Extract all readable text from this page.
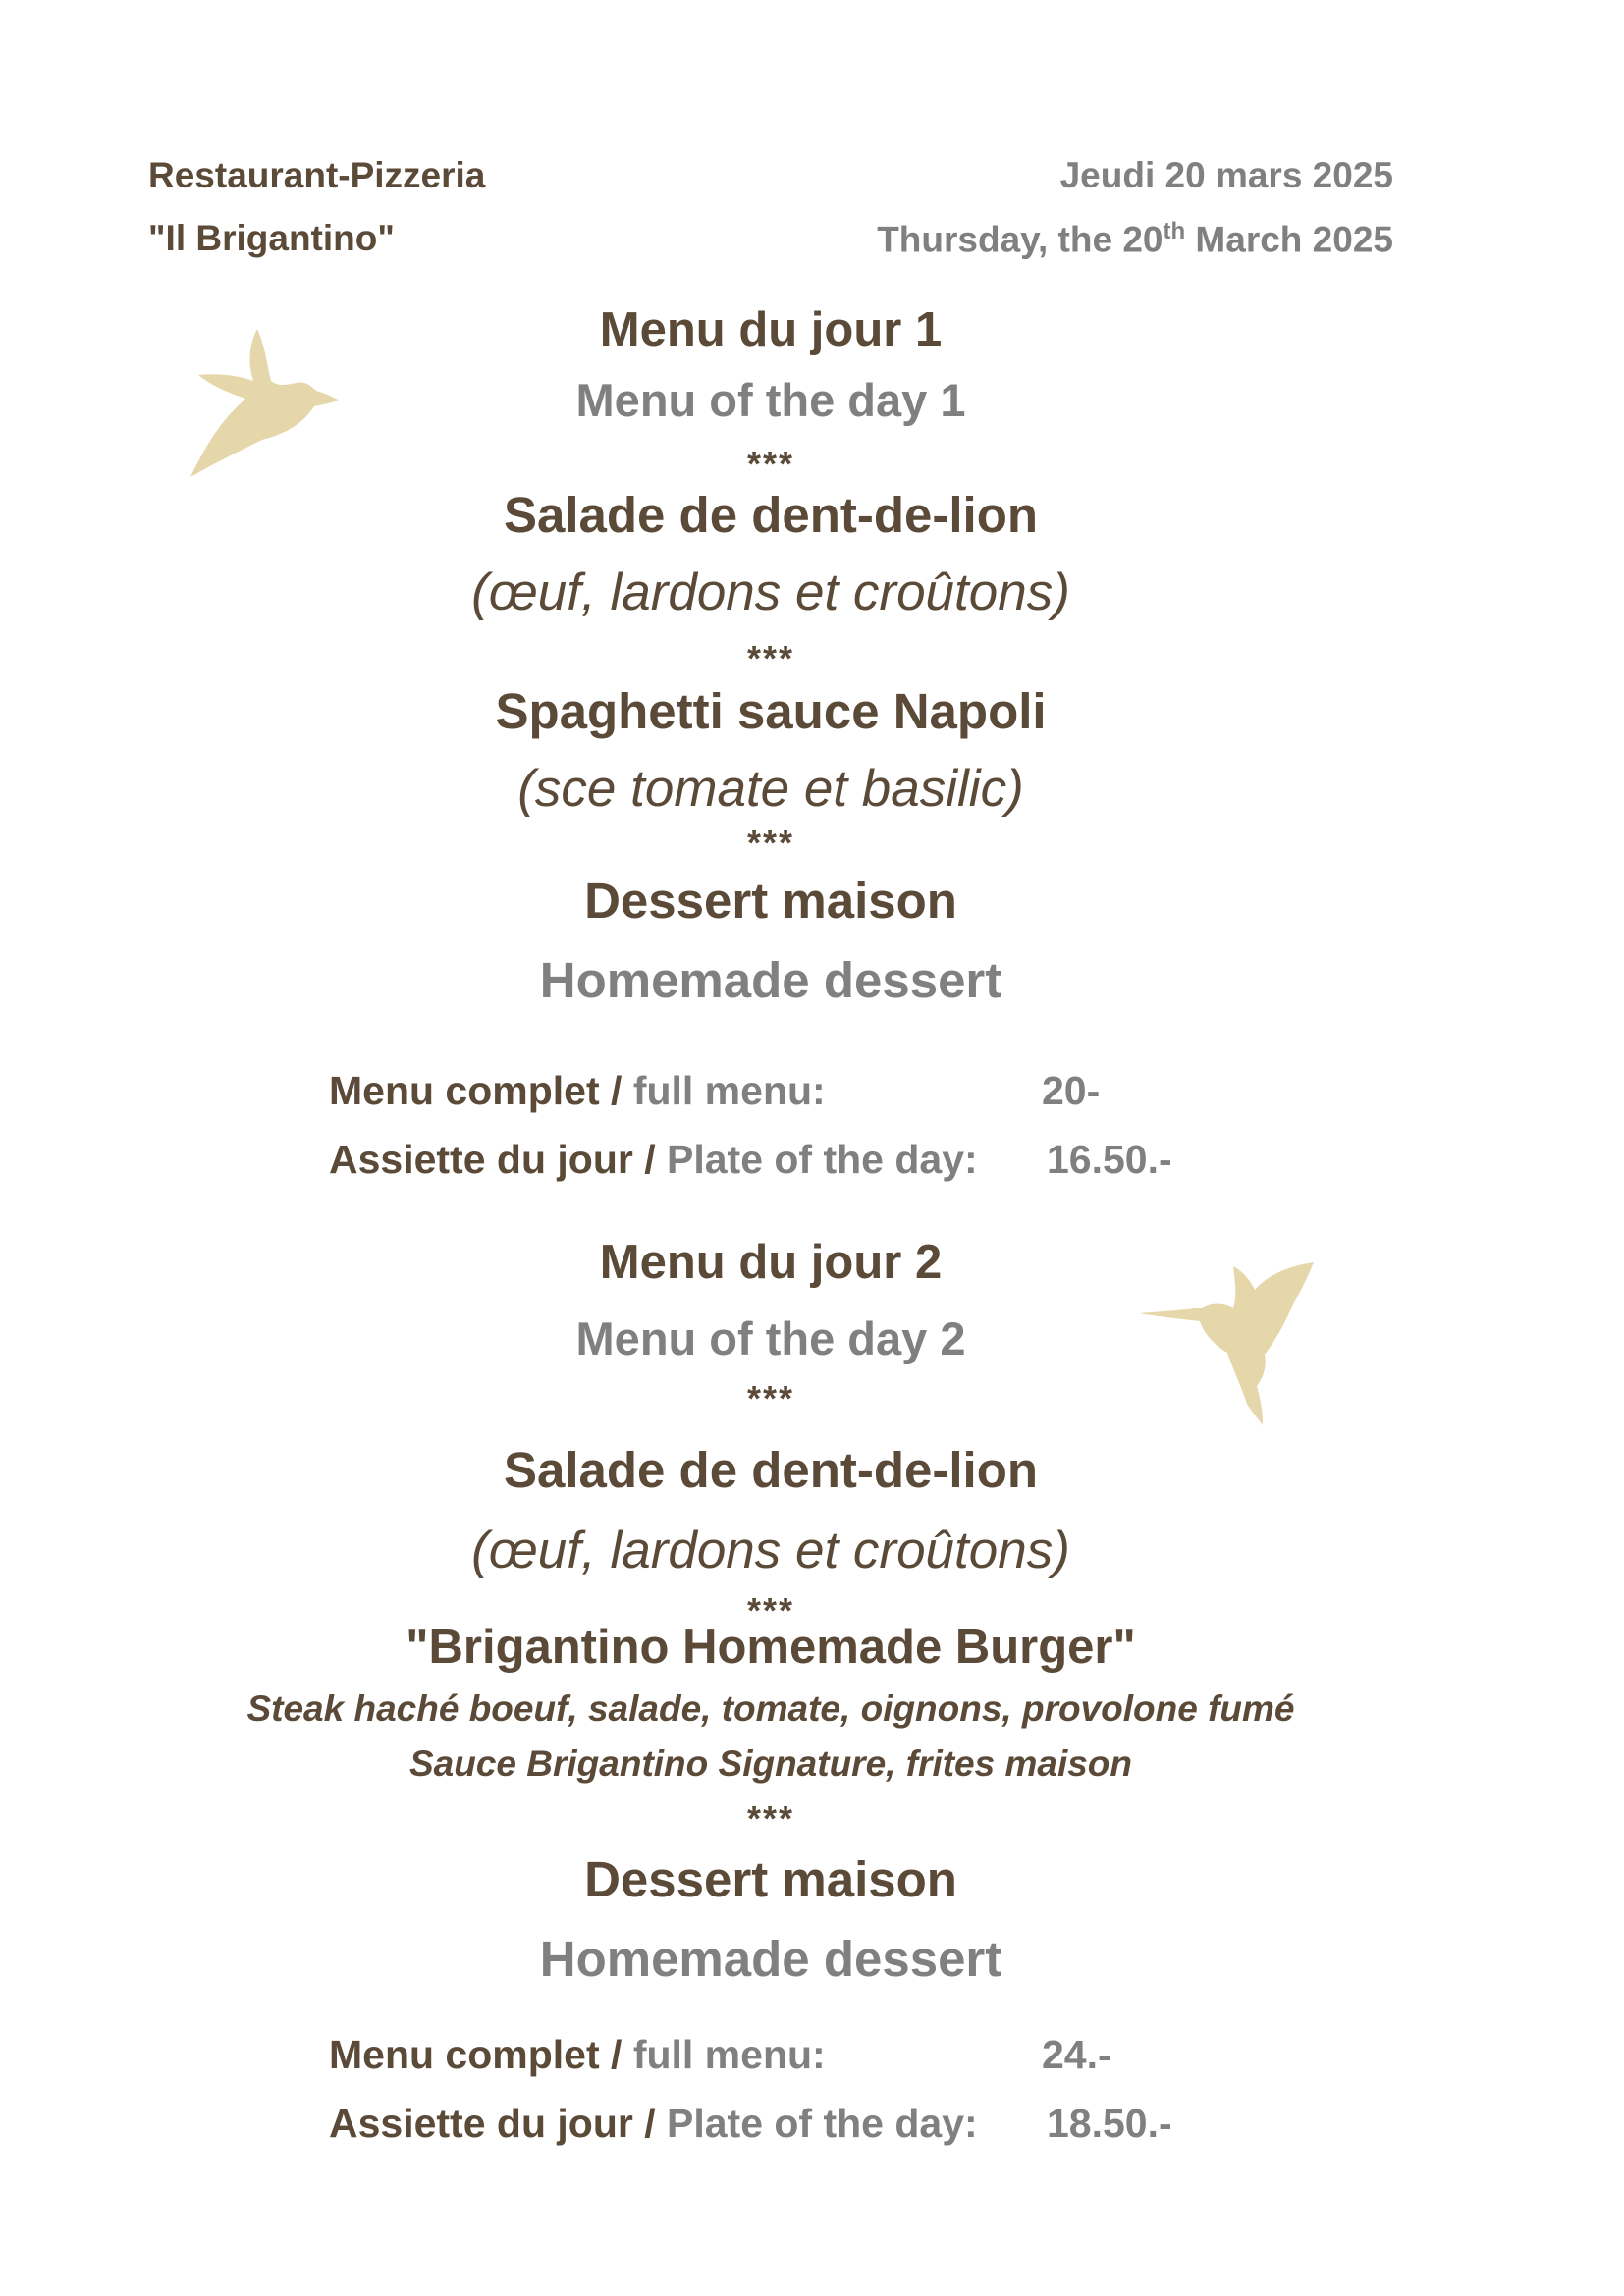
Restaurant-Pizzeria
"Il Brigantino"
Jeudi 20 mars 2025
Thursday, the 20th March 2025
Menu du jour 1
Menu of the day 1
***
Salade de dent-de-lion
(œuf, lardons et croûtons)
***
Spaghetti sauce Napoli
(sce tomate et basilic)
***
Dessert maison
Homemade dessert
Menu complet / full menu:	20-
Assiette du jour / Plate of the day: 16.50.-
Menu du jour 2
Menu of the day 2
***
Salade de dent-de-lion
(œuf, lardons et croûtons)
***
"Brigantino Homemade Burger"
Steak haché boeuf, salade, tomate, oignons, provolone fumé
Sauce Brigantino Signature, frites maison
***
Dessert maison
Homemade dessert
Menu complet / full menu:	24.-
Assiette du jour / Plate of the day: 18.50.-
